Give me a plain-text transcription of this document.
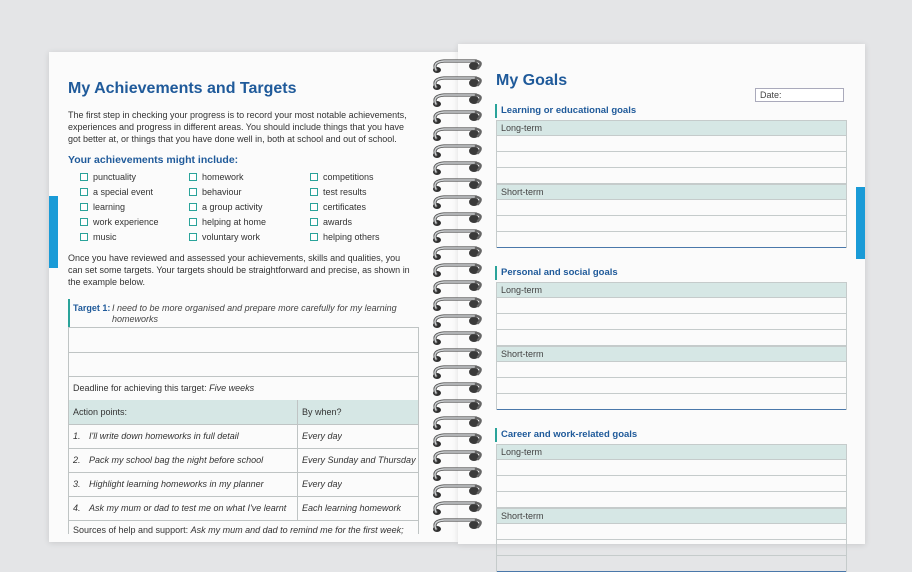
My Achievements and Targets
The first step in checking your progress is to record your most notable achievements, experiences and progress in different areas. You should include things that you have got better at, or things that you have done well in, both at school and out of school.
Your achievements might include:
punctuality
a special event
learning
work experience
music
homework
behaviour
a group activity
helping at home
voluntary work
competitions
test results
certificates
awards
helping others
Once you have reviewed and assessed your achievements, skills and qualities, you can set some targets. Your targets should be straightforward and precise, as shown in the example below.
Target 1: I need to be more organised and prepare more carefully for my learning homeworks
Deadline for achieving this target:
Five weeks
Action points:	By when?
1. I'll write down homeworks in full detail	Every day
2. Pack my school bag the night before school	Every Sunday and Thursday
3. Highlight learning homeworks in my planner	Every day
4. Ask my mum or dad to test me on what I've learnt	Each learning homework
Sources of help and support:
Ask my mum and dad to remind me for the first week;
My Goals
Date:
Learning or educational goals
Long-term
Short-term
Personal and social goals
Long-term
Short-term
Career and work-related goals
Long-term
Short-term
